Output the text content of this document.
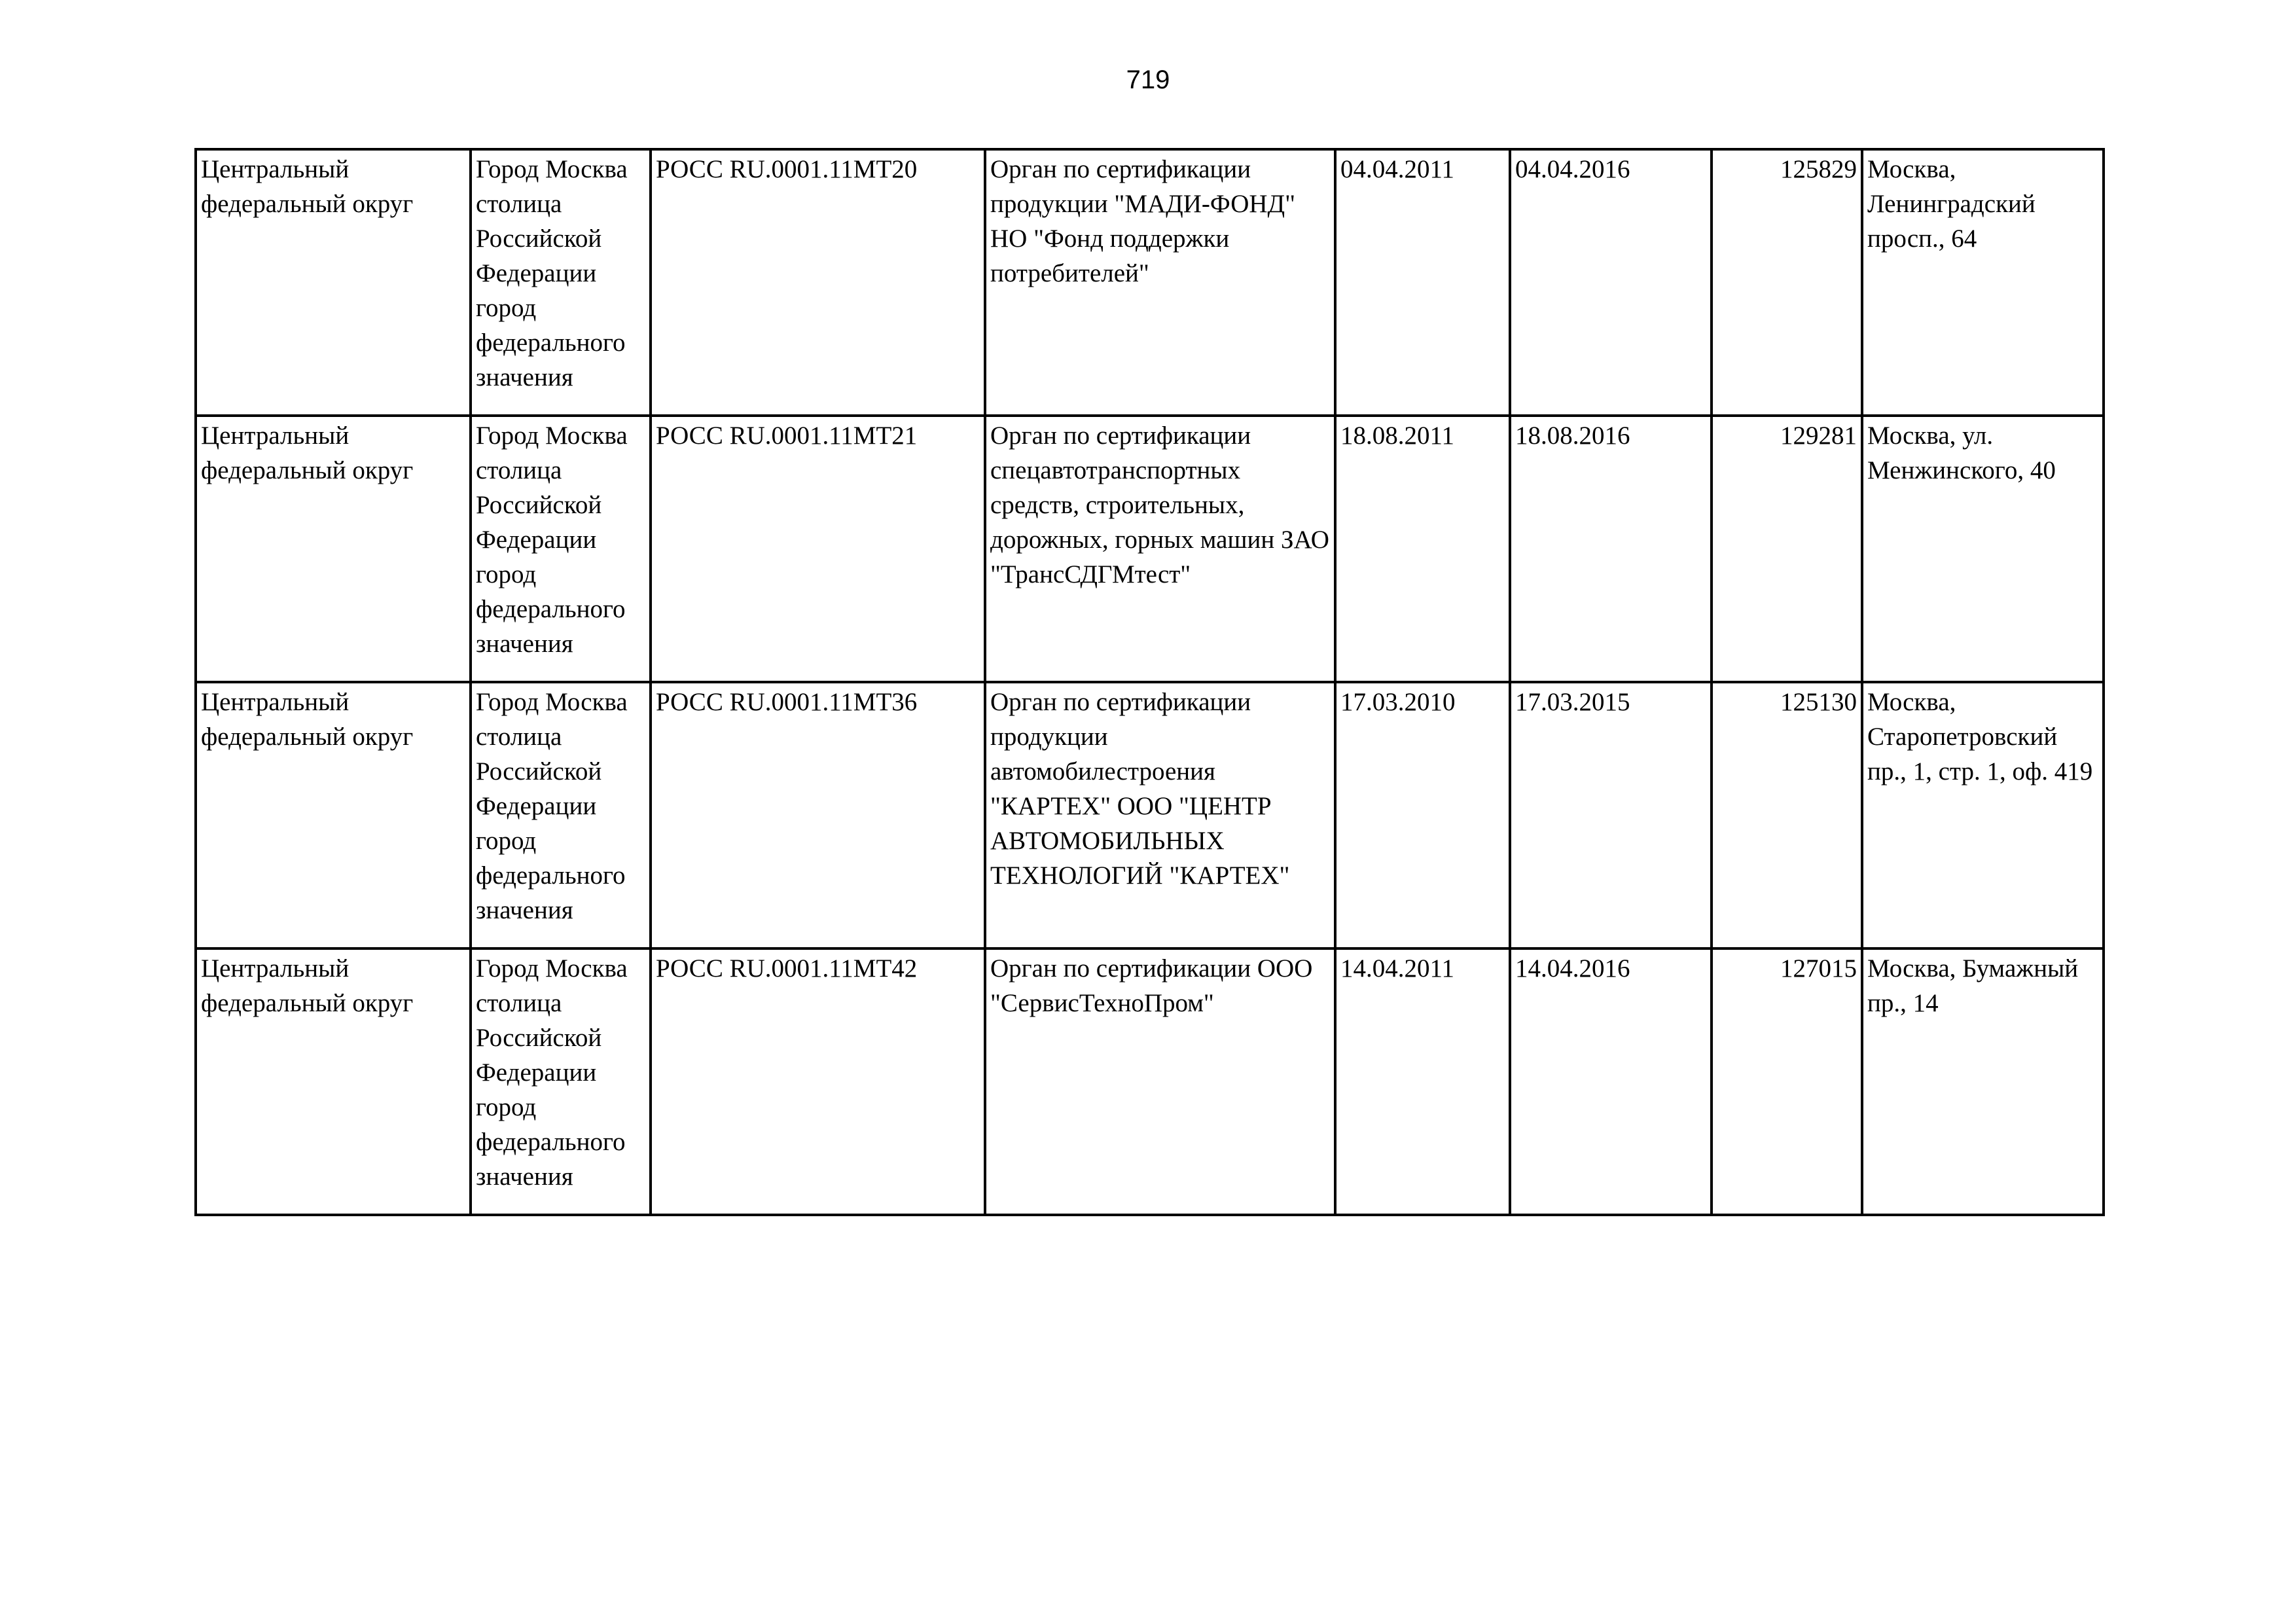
719
Центральный федеральный округ	Город Москва столица Российской Федерации город федерального значения	РОСС RU.0001.11МТ20	Орган по сертификации продукции "МАДИ-ФОНД" НО "Фонд поддержки потребителей"	04.04.2011	04.04.2016	125829	Москва, Ленинградский просп., 64

Центральный федеральный округ	Город Москва столица Российской Федерации город федерального значения	РОСС RU.0001.11МТ21	Орган по сертификации спецавтотранспортных средств, строительных, дорожных, горных машин ЗАО "ТрансСДГМтест"	18.08.2011	18.08.2016	129281	Москва, ул. Менжинского, 40

Центральный федеральный округ	Город Москва столица Российской Федерации город федерального значения	РОСС RU.0001.11МТ36	Орган по сертификации продукции автомобилестроения "КАРТЕХ" ООО "ЦЕНТР АВТОМОБИЛЬНЫХ ТЕХНОЛОГИЙ "КАРТЕХ"	17.03.2010	17.03.2015	125130	Москва, Старопетровский пр., 1, стр. 1, оф. 419

Центральный федеральный округ	Город Москва столица Российской Федерации город федерального значения	РОСС RU.0001.11МТ42	Орган по сертификации ООО "СервисТехноПром"	14.04.2011	14.04.2016	127015	Москва, Бумажный пр., 14
